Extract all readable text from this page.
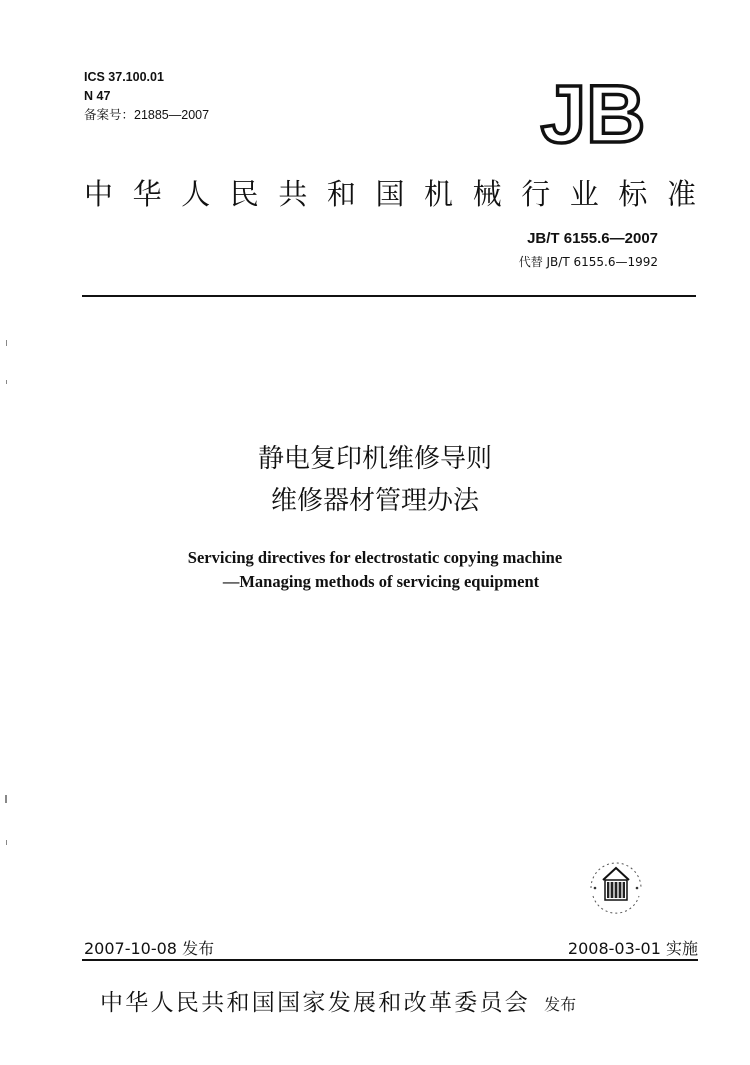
ICS 37.100.01
N 47
备案号：21885—2007	JB
中 华 人 民 共 和 国 机 械 行 业 标 准
JB/T 6155.6—2007
代替 JB/T 6155.6—1992
静电复印机维修导则
维修器材管理办法
Servicing directives for electrostatic copying machine
—Managing methods of servicing equipment
2007-10-08 发布	2008-03-01 实施
中华人民共和国国家发展和改革委员会 发布
